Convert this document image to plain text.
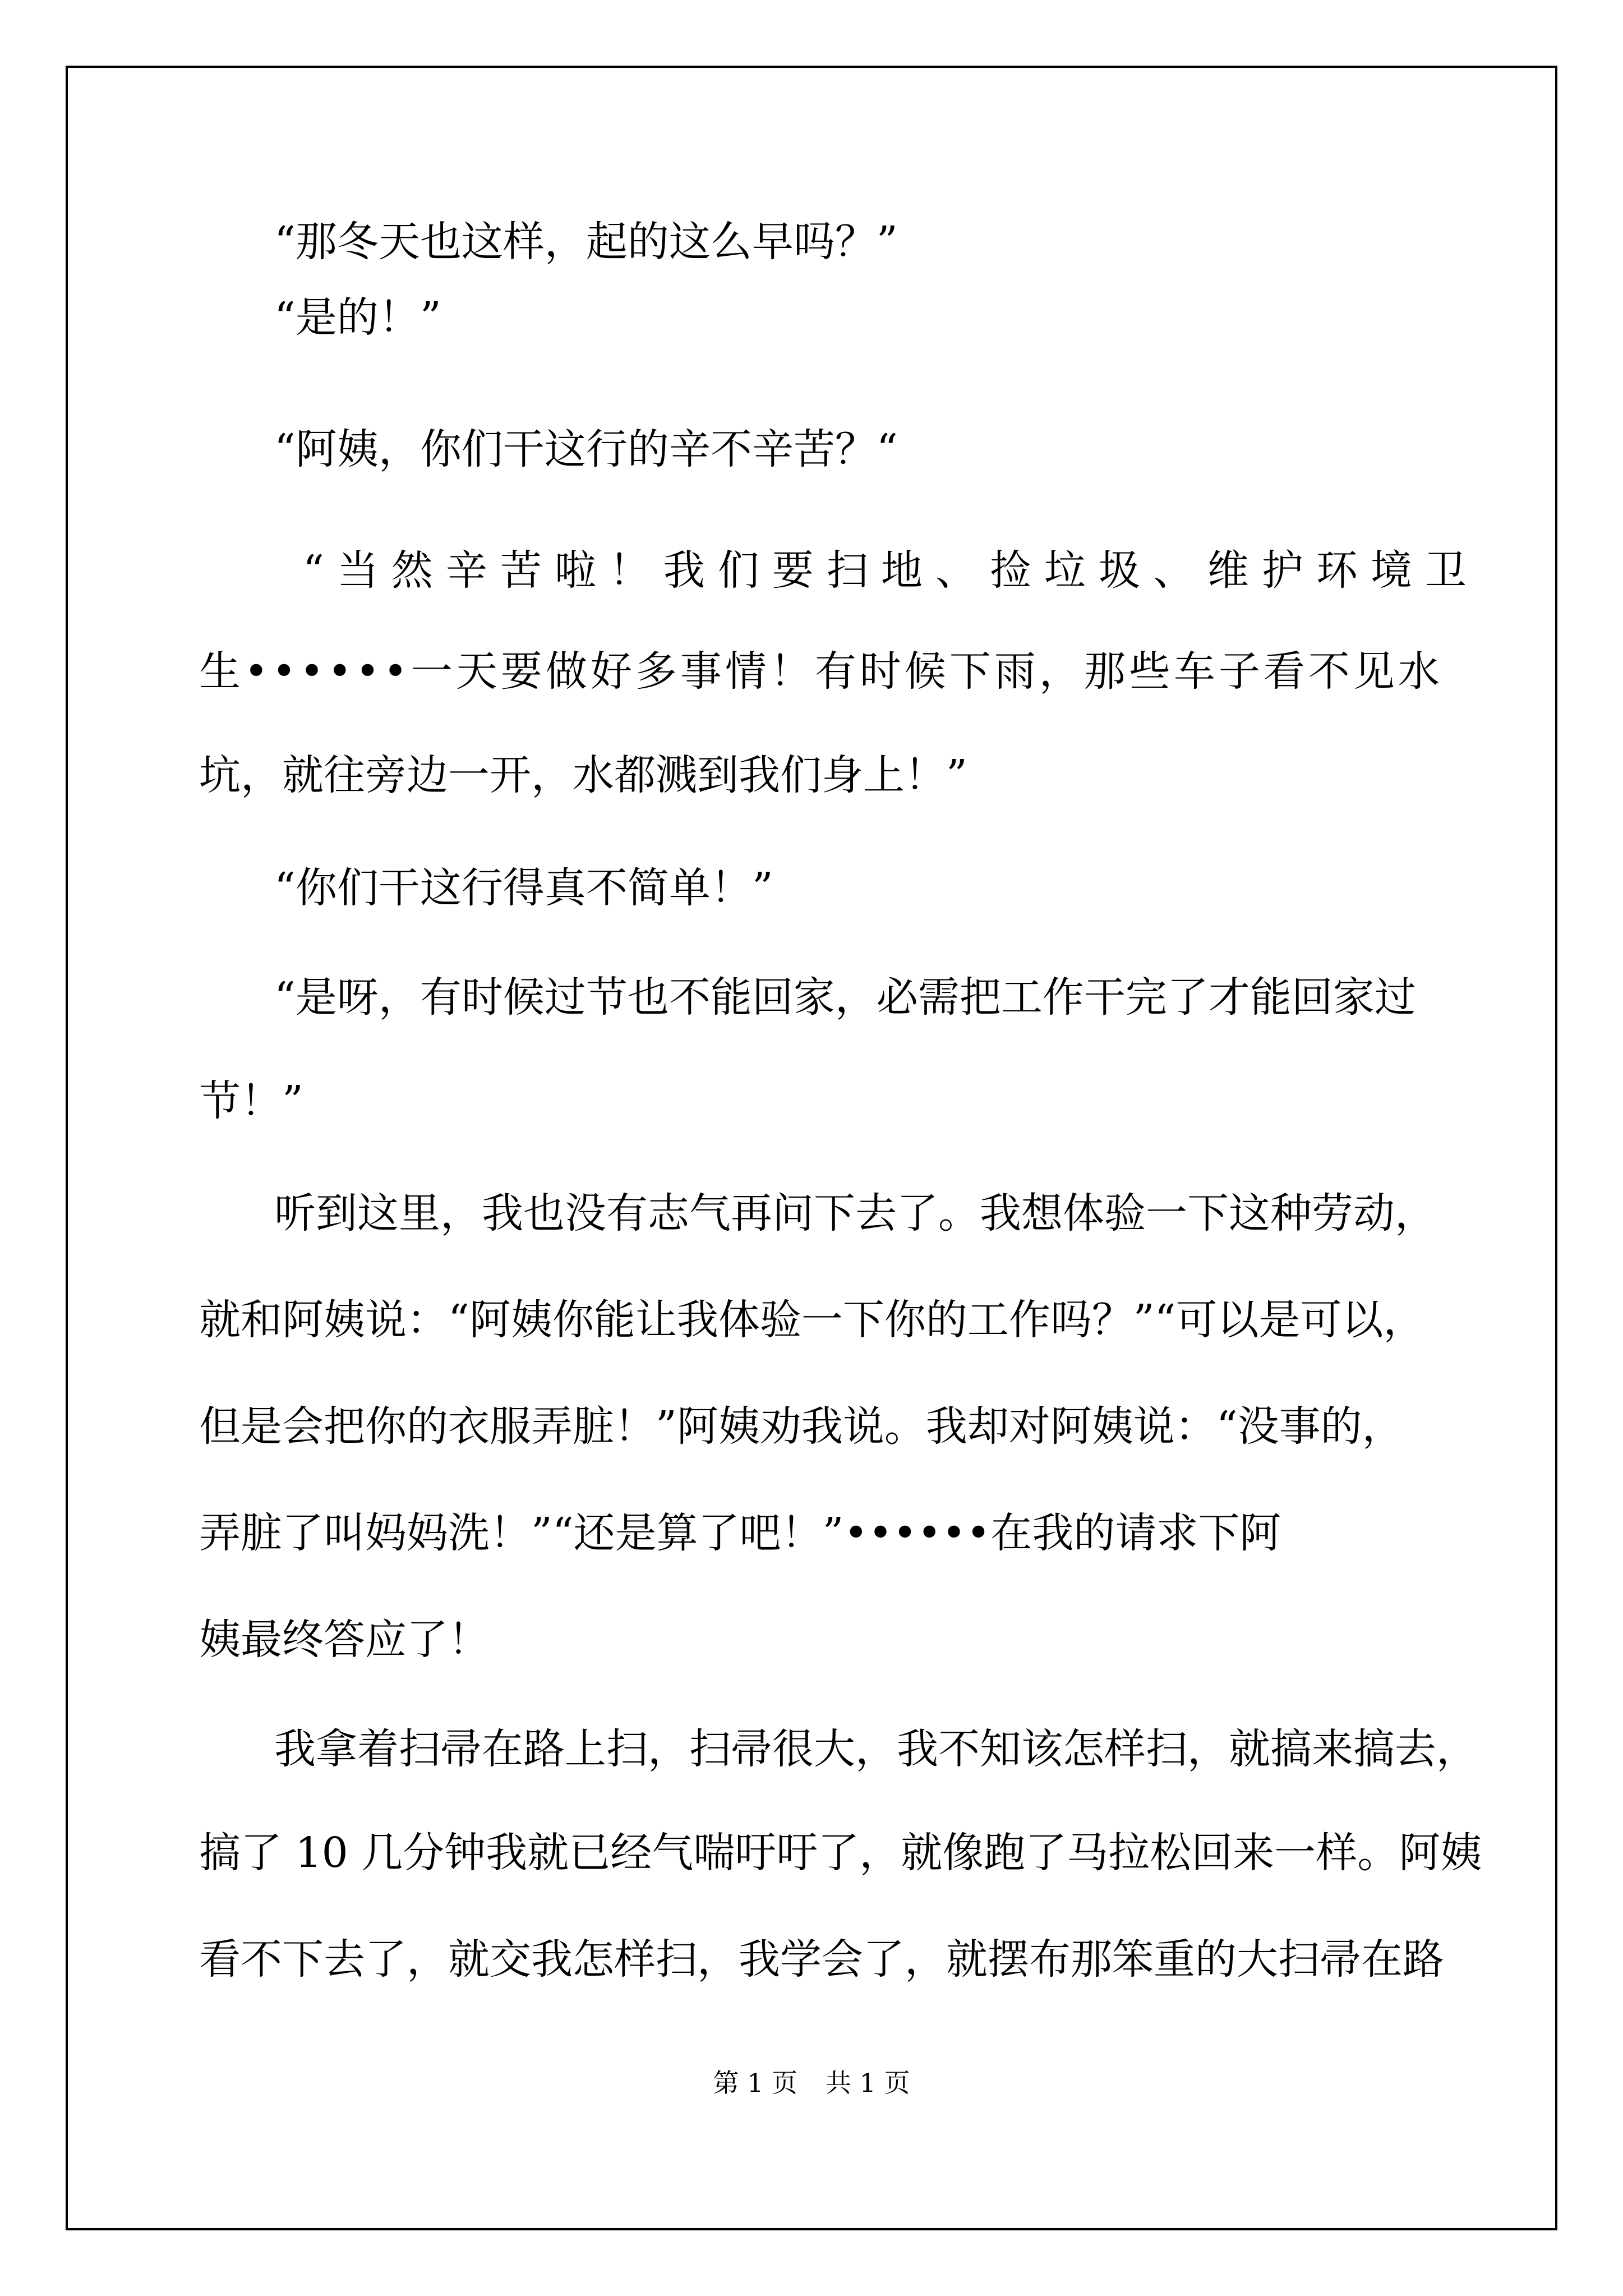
“那冬天也这样，起的这么早吗？”
“是的！”
“阿姨，你们干这行的辛不辛苦？“
“当然辛苦啦！我们要扫地、捡垃圾、维护环境卫
生••••••一天要做好多事情！有时候下雨，那些车子看不见水
坑，就往旁边一开，水都溅到我们身上！”
“你们干这行得真不简单！”
“是呀，有时候过节也不能回家，必需把工作干完了才能回家过
节！”
听到这里，我也没有志气再问下去了。我想体验一下这种劳动，
就和阿姨说：“阿姨你能让我体验一下你的工作吗？”“可以是可以，
但是会把你的衣服弄脏！”阿姨劝我说。我却对阿姨说：“没事的，
弄脏了叫妈妈洗！”“还是算了吧！”••••••在我的请求下阿
姨最终答应了！
我拿着扫帚在路上扫，扫帚很大，我不知该怎样扫，就搞来搞去，
搞了 10 几分钟我就已经气喘吁吁了，就像跑了马拉松回来一样。阿姨
看不下去了，就交我怎样扫，我学会了，就摆布那笨重的大扫帚在路
第 1 页 共 1 页
